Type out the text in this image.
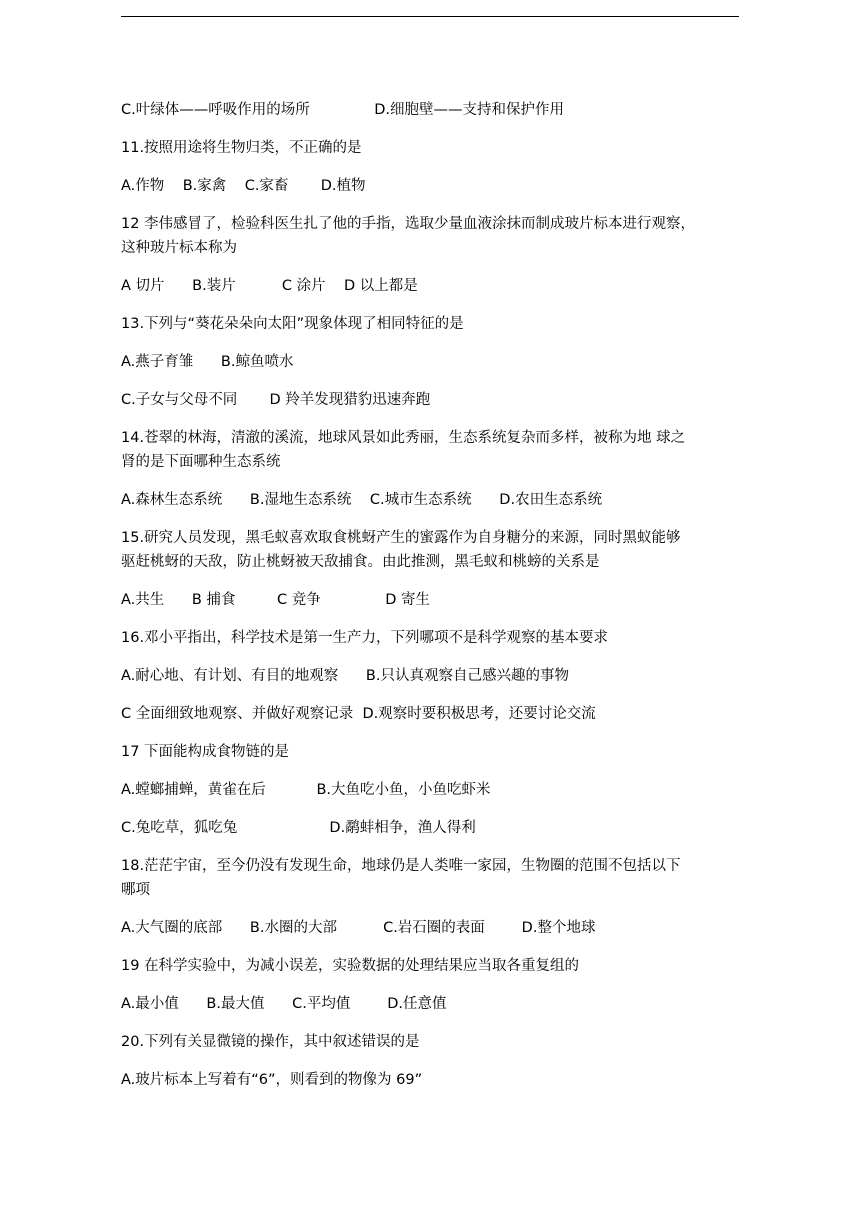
C.叶绿体——呼吸作用的场所              D.细胞壁——支持和保护作用
11.按照用途将生物归类，不正确的是
A.作物    B.家禽    C.家畜       D.植物
12 李伟感冒了，检验科医生扎了他的手指，选取少量血液涂抹而制成玻片标本进行观察，
这种玻片标本称为
A 切片      B.装片          C 涂片    D 以上都是
13.下列与“葵花朵朵向太阳”现象体现了相同特征的是
A.燕子育雏      B.鲸鱼喷水
C.子女与父母不同       D 羚羊发现猎豹迅速奔跑
14.苍翠的林海，清澈的溪流，地球风景如此秀丽，生态系统复杂而多样，被称为地 球之
肾的是下面哪种生态系统
A.森林生态系统      B.湿地生态系统    C.城市生态系统      D.农田生态系统
15.研究人员发现，黑毛蚁喜欢取食桃蚜产生的蜜露作为自身糖分的来源，同时黑蚁能够
驱赶桃蚜的天敌，防止桃蚜被天敌捕食。由此推测，黑毛蚁和桃螃的关系是
A.共生      B 捕食         C 竞争              D 寄生
16.邓小平指出，科学技术是第一生产力，下列哪项不是科学观察的基本要求
A.耐心地、有计划、有目的地观察      B.只认真观察自己感兴趣的事物
C 全面细致地观察、并做好观察记录  D.观察时要积极思考，还要讨论交流
17 下面能构成食物链的是
A.螳螂捕蝉，黄雀在后           B.大鱼吃小鱼，小鱼吃虾米
C.兔吃草，狐吃兔                    D.鹬蚌相争，渔人得利
18.茫茫宇宙，至今仍没有发现生命，地球仍是人类唯一家园，生物圈的范围不包括以下
哪项
A.大气圈的底部      B.水圈的大部          C.岩石圈的表面        D.整个地球
19 在科学实验中，为减小误差，实验数据的处理结果应当取各重复组的
A.最小值      B.最大值      C.平均值        D.任意值
20.下列有关显微镜的操作，其中叙述错误的是
A.玻片标本上写着有“6”，则看到的物像为 69”
